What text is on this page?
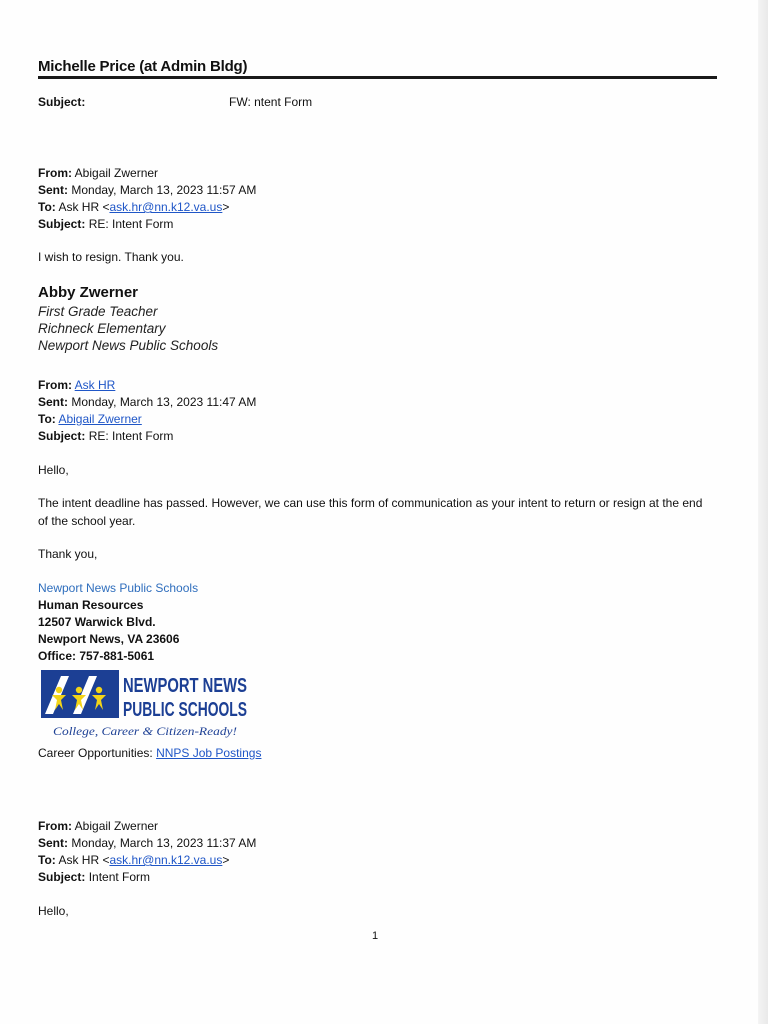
Michelle Price (at Admin Bldg)
Subject:	FW: ntent Form
From: Abigail Zwerner
Sent: Monday, March 13, 2023 11:57 AM
To: Ask HR <ask.hr@nn.k12.va.us>
Subject: RE: Intent Form
I wish to resign. Thank you.
Abby Zwerner
First Grade Teacher
Richneck Elementary
Newport News Public Schools
From: Ask HR
Sent: Monday, March 13, 2023 11:47 AM
To: Abigail Zwerner
Subject: RE: Intent Form
Hello,
The intent deadline has passed. However, we can use this form of communication as your intent to return or resign at the end of the school year.
Thank you,
Newport News Public Schools
Human Resources
12507 Warwick Blvd.
Newport News, VA 23606
Office: 757-881-5061
NEWPORT NEWS
PUBLIC SCHOOLS
College, Career & Citizen-Ready!
Career Opportunities: NNPS Job Postings
From: Abigail Zwerner
Sent: Monday, March 13, 2023 11:37 AM
To: Ask HR <ask.hr@nn.k12.va.us>
Subject: Intent Form
Hello,
1
